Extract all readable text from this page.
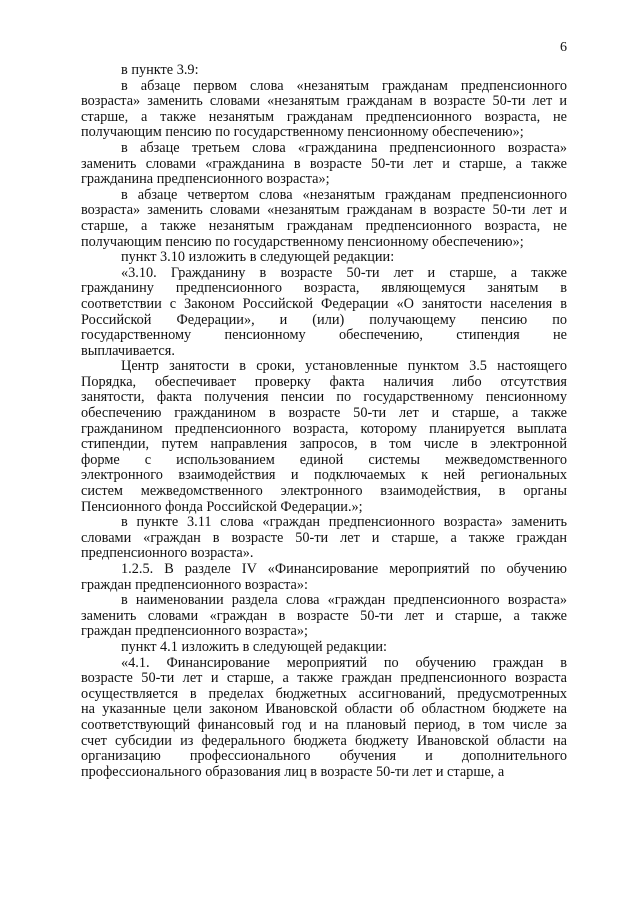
6
в пункте 3.9:
в абзаце первом слова «незанятым гражданам предпенсионного
возраста» заменить словами «незанятым гражданам в возрасте 50-ти лет и
старше, а также незанятым гражданам предпенсионного возраста, не
получающим пенсию по государственному пенсионному обеспечению»;
в абзаце третьем слова «гражданина предпенсионного возраста»
заменить словами «гражданина в возрасте 50-ти лет и старше, а также
гражданина предпенсионного возраста»;
в абзаце четвертом слова «незанятым гражданам предпенсионного
возраста» заменить словами «незанятым гражданам в возрасте 50-ти лет и
старше, а также незанятым гражданам предпенсионного возраста, не
получающим пенсию по государственному пенсионному обеспечению»;
пункт 3.10 изложить в следующей редакции:
«3.10. Гражданину в возрасте 50-ти лет и старше, а также
гражданину предпенсионного возраста, являющемуся занятым в
соответствии с Законом Российской Федерации «О занятости населения в
Российской Федерации», и (или) получающему пенсию по
государственному пенсионному обеспечению, стипендия не
выплачивается.
Центр занятости в сроки, установленные пунктом 3.5 настоящего
Порядка, обеспечивает проверку факта наличия либо отсутствия
занятости, факта получения пенсии по государственному пенсионному
обеспечению гражданином в возрасте 50-ти лет и старше, а также
гражданином предпенсионного возраста, которому планируется выплата
стипендии, путем направления запросов, в том числе в электронной
форме с использованием единой системы межведомственного
электронного взаимодействия и подключаемых к ней региональных
систем межведомственного электронного взаимодействия, в органы
Пенсионного фонда Российской Федерации.»;
в пункте 3.11 слова «граждан предпенсионного возраста» заменить
словами «граждан в возрасте 50-ти лет и старше, а также граждан
предпенсионного возраста».
1.2.5. В разделе IV «Финансирование мероприятий по обучению
граждан предпенсионного возраста»:
в наименовании раздела слова «граждан предпенсионного возраста»
заменить словами «граждан в возрасте 50-ти лет и старше, а также
граждан предпенсионного возраста»;
пункт 4.1 изложить в следующей редакции:
«4.1. Финансирование мероприятий по обучению граждан в
возрасте 50-ти лет и старше, а также граждан предпенсионного возраста
осуществляется в пределах бюджетных ассигнований, предусмотренных
на указанные цели законом Ивановской области об областном бюджете на
соответствующий финансовый год и на плановый период, в том числе за
счет субсидии из федерального бюджета бюджету Ивановской области на
организацию профессионального обучения и дополнительного
профессионального образования лиц в возрасте 50-ти лет и старше, а
